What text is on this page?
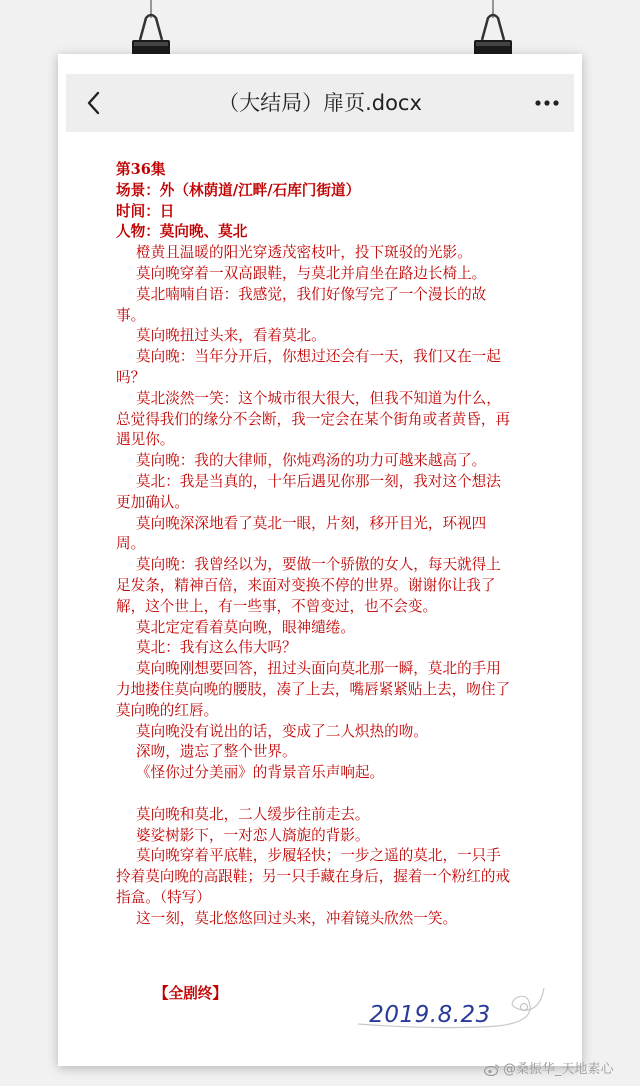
（大结局）扉页.docx
第36集
场景：外（林荫道/江畔/石库门街道）
时间：日
人物：莫向晚、莫北
橙黄且温暖的阳光穿透茂密枝叶，投下斑驳的光影。
莫向晚穿着一双高跟鞋，与莫北并肩坐在路边长椅上。
莫北喃喃自语：我感觉，我们好像写完了一个漫长的故事。
莫向晚扭过头来，看着莫北。
莫向晚：当年分开后，你想过还会有一天，我们又在一起吗？
莫北淡然一笑：这个城市很大很大，但我不知道为什么，总觉得我们的缘分不会断，我一定会在某个街角或者黄昏，再遇见你。
莫向晚：我的大律师，你炖鸡汤的功力可越来越高了。
莫北：我是当真的，十年后遇见你那一刻，我对这个想法更加确认。
莫向晚深深地看了莫北一眼，片刻，移开目光，环视四周。
莫向晚：我曾经以为，要做一个骄傲的女人，每天就得上足发条，精神百倍，来面对变换不停的世界。谢谢你让我了解，这个世上，有一些事，不曾变过，也不会变。
莫北定定看着莫向晚，眼神缱绻。
莫北：我有这么伟大吗？
莫向晚刚想要回答，扭过头面向莫北那一瞬，莫北的手用力地搂住莫向晚的腰肢，凑了上去，嘴唇紧紧贴上去，吻住了莫向晚的红唇。
莫向晚没有说出的话，变成了二人炽热的吻。
深吻，遗忘了整个世界。
《怪你过分美丽》的背景音乐声响起。
莫向晚和莫北，二人缓步往前走去。
婆娑树影下，一对恋人旖旎的背影。
莫向晚穿着平底鞋，步履轻快；一步之遥的莫北，一只手拎着莫向晚的高跟鞋；另一只手藏在身后，握着一个粉红的戒指盒。（特写）
这一刻，莫北悠悠回过头来，冲着镜头欣然一笑。
【全剧终】
2019.8.23
@桑振华_天地素心
